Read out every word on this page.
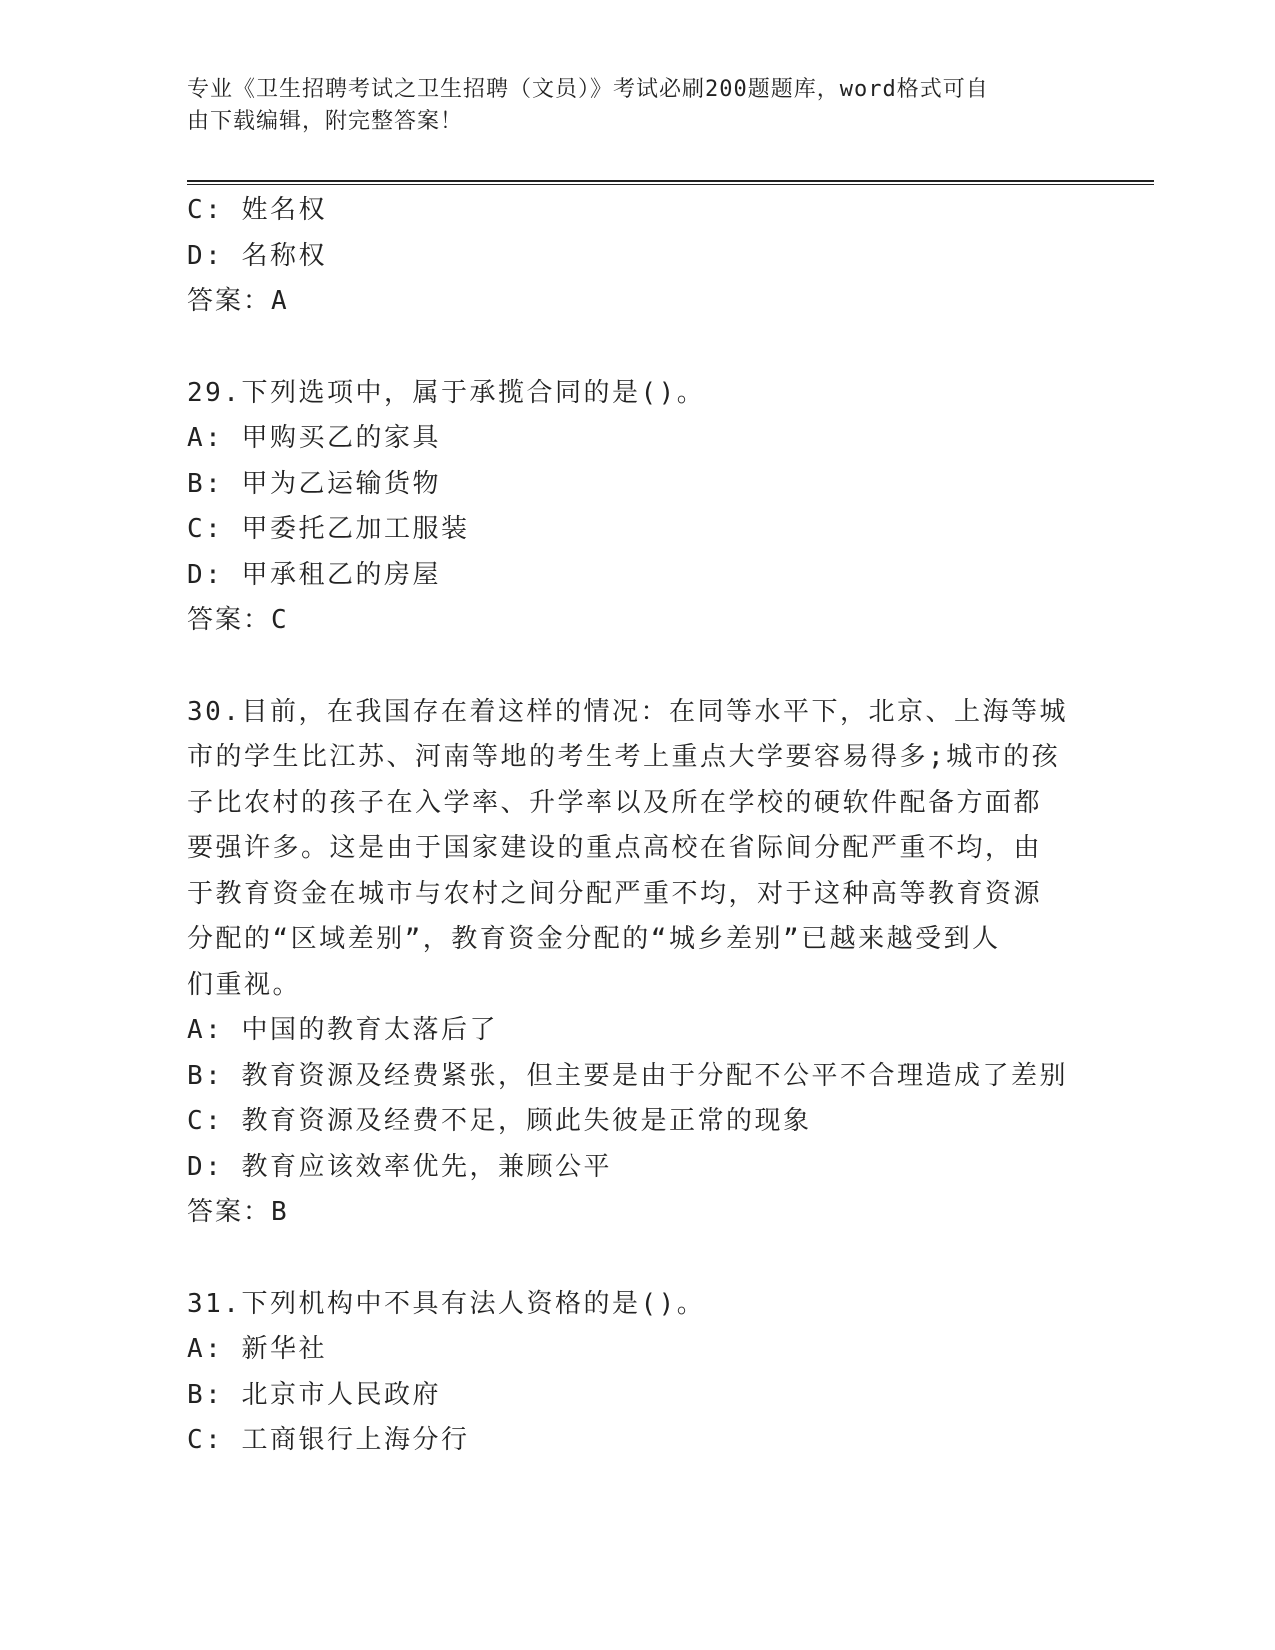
专业《卫生招聘考试之卫生招聘（文员）》考试必刷200题题库，word格式可自
由下载编辑，附完整答案！
C: 姓名权
D: 名称权
答案：A
29.下列选项中，属于承揽合同的是()。
A: 甲购买乙的家具
B: 甲为乙运输货物
C: 甲委托乙加工服装
D: 甲承租乙的房屋
答案：C
30.目前，在我国存在着这样的情况：在同等水平下，北京、上海等城
市的学生比江苏、河南等地的考生考上重点大学要容易得多;城市的孩
子比农村的孩子在入学率、升学率以及所在学校的硬软件配备方面都
要强许多。这是由于国家建设的重点高校在省际间分配严重不均，由
于教育资金在城市与农村之间分配严重不均，对于这种高等教育资源
分配的“区域差别”，教育资金分配的“城乡差别”已越来越受到人
们重视。
A: 中国的教育太落后了
B: 教育资源及经费紧张，但主要是由于分配不公平不合理造成了差别
C: 教育资源及经费不足，顾此失彼是正常的现象
D: 教育应该效率优先，兼顾公平
答案：B
31.下列机构中不具有法人资格的是()。
A: 新华社
B: 北京市人民政府
C: 工商银行上海分行
